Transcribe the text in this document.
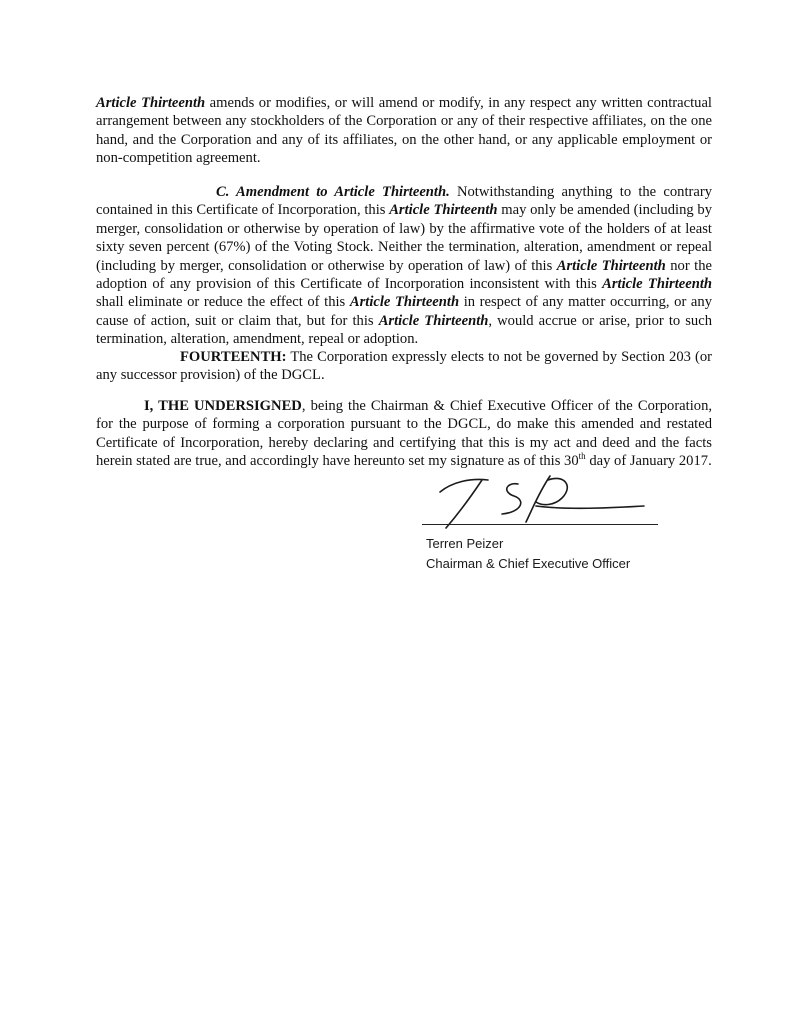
Article Thirteenth amends or modifies, or will amend or modify, in any respect any written contractual arrangement between any stockholders of the Corporation or any of their respective affiliates, on the one hand, and the Corporation and any of its affiliates, on the other hand, or any applicable employment or non-competition agreement.

C. Amendment to Article Thirteenth. Notwithstanding anything to the contrary contained in this Certificate of Incorporation, this Article Thirteenth may only be amended (including by merger, consolidation or otherwise by operation of law) by the affirmative vote of the holders of at least sixty seven percent (67%) of the Voting Stock. Neither the termination, alteration, amendment or repeal (including by merger, consolidation or otherwise by operation of law) of this Article Thirteenth nor the adoption of any provision of this Certificate of Incorporation inconsistent with this Article Thirteenth shall eliminate or reduce the effect of this Article Thirteenth in respect of any matter occurring, or any cause of action, suit or claim that, but for this Article Thirteenth, would accrue or arise, prior to such termination, alteration, amendment, repeal or adoption.

FOURTEENTH: The Corporation expressly elects to not be governed by Section 203 (or any successor provision) of the DGCL.

I, THE UNDERSIGNED, being the Chairman & Chief Executive Officer of the Corporation, for the purpose of forming a corporation pursuant to the DGCL, do make this amended and restated Certificate of Incorporation, hereby declaring and certifying that this is my act and deed and the facts herein stated are true, and accordingly have hereunto set my signature as of this 30th day of January 2017.

Terren Peizer
Chairman & Chief Executive Officer
